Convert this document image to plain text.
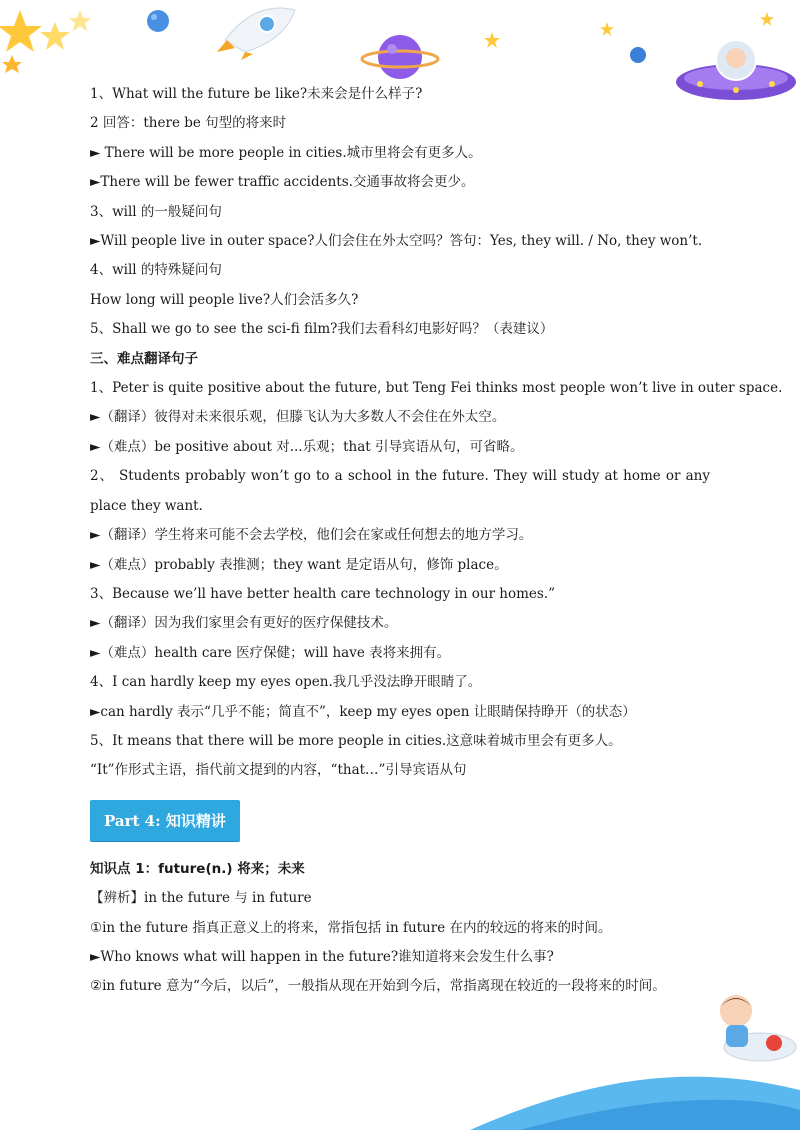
1、What will the future be like?未来会是什么样子?
2 回答：there be 句型的将来时
► There will be more people in cities.城市里将会有更多人。
►There will be fewer traffic accidents.交通事故将会更少。
3、will 的一般疑问句
►Will people live in outer space?人们会住在外太空吗？答句：Yes, they will. / No, they won’t.
4、will 的特殊疑问句
How long will people live?人们会活多久?
5、Shall we go to see the sci-fi film?我们去看科幻电影好吗？（表建议）
三、难点翻译句子
1、Peter is quite positive about the future, but Teng Fei thinks most people won’t live in outer space.
►（翻译）彼得对未来很乐观，但滕飞认为大多数人不会住在外太空。
►（难点）be positive about 对...乐观；that 引导宾语从句，可省略。
2、 Students probably won’t go to a school in the future. They will study at home or any place they want.
►（翻译）学生将来可能不会去学校，他们会在家或任何想去的地方学习。
►（难点）probably 表推测；they want 是定语从句，修饰 place。
3、Because we’ll have better health care technology in our homes.”
►（翻译）因为我们家里会有更好的医疗保健技术。
►（难点）health care 医疗保健；will have 表将来拥有。
4、I can hardly keep my eyes open.我几乎没法睁开眼睛了。
►can hardly 表示“几乎不能；简直不”，keep my eyes open 让眼睛保持睁开（的状态）
5、It means that there will be more people in cities.这意味着城市里会有更多人。
“It”作形式主语，指代前文提到的内容，“that…”引导宾语从句
Part 4: 知识精讲
知识点 1：future(n.) 将来；未来
【辨析】in the future 与 in future
①in the future 指真正意义上的将来，常指包括 in future 在内的较远的将来的时间。
►Who knows what will happen in the future?谁知道将来会发生什么事?
②in future 意为“今后，以后”，一般指从现在开始到今后，常指离现在较近的一段将来的时间。
